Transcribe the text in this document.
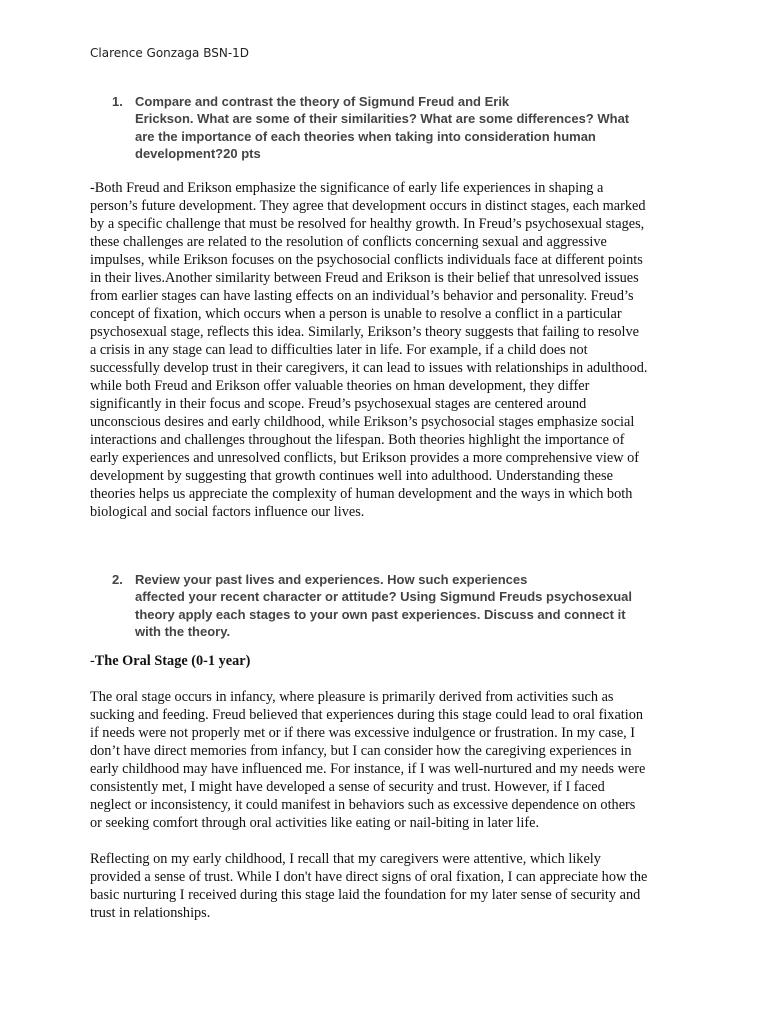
Clarence Gonzaga BSN-1D
1. Compare and contrast the theory of Sigmund Freud and Erik
Erickson. What are some of their similarities? What are some differences? What
are the importance of each theories when taking into consideration human
development?20 pts

-Both Freud and Erikson emphasize the significance of early life experiences in shaping a
person’s future development. They agree that development occurs in distinct stages, each marked
by a specific challenge that must be resolved for healthy growth. In Freud’s psychosexual stages,
these challenges are related to the resolution of conflicts concerning sexual and aggressive
impulses, while Erikson focuses on the psychosocial conflicts individuals face at different points
in their lives.Another similarity between Freud and Erikson is their belief that unresolved issues
from earlier stages can have lasting effects on an individual’s behavior and personality. Freud’s
concept of fixation, which occurs when a person is unable to resolve a conflict in a particular
psychosexual stage, reflects this idea. Similarly, Erikson’s theory suggests that failing to resolve
a crisis in any stage can lead to difficulties later in life. For example, if a child does not
successfully develop trust in their caregivers, it can lead to issues with relationships in adulthood.
while both Freud and Erikson offer valuable theories on hman development, they differ
significantly in their focus and scope. Freud’s psychosexual stages are centered around
unconscious desires and early childhood, while Erikson’s psychosocial stages emphasize social
interactions and challenges throughout the lifespan. Both theories highlight the importance of
early experiences and unresolved conflicts, but Erikson provides a more comprehensive view of
development by suggesting that growth continues well into adulthood. Understanding these
theories helps us appreciate the complexity of human development and the ways in which both
biological and social factors influence our lives.

2. Review your past lives and experiences. How such experiences
affected your recent character or attitude? Using Sigmund Freuds psychosexual
theory apply each stages to your own past experiences. Discuss and connect it
with the theory.
-The Oral Stage (0-1 year)

The oral stage occurs in infancy, where pleasure is primarily derived from activities such as
sucking and feeding. Freud believed that experiences during this stage could lead to oral fixation
if needs were not properly met or if there was excessive indulgence or frustration. In my case, I
don’t have direct memories from infancy, but I can consider how the caregiving experiences in
early childhood may have influenced me. For instance, if I was well-nurtured and my needs were
consistently met, I might have developed a sense of security and trust. However, if I faced
neglect or inconsistency, it could manifest in behaviors such as excessive dependence on others
or seeking comfort through oral activities like eating or nail-biting in later life.

Reflecting on my early childhood, I recall that my caregivers were attentive, which likely
provided a sense of trust. While I don't have direct signs of oral fixation, I can appreciate how the
basic nurturing I received during this stage laid the foundation for my later sense of security and
trust in relationships.
